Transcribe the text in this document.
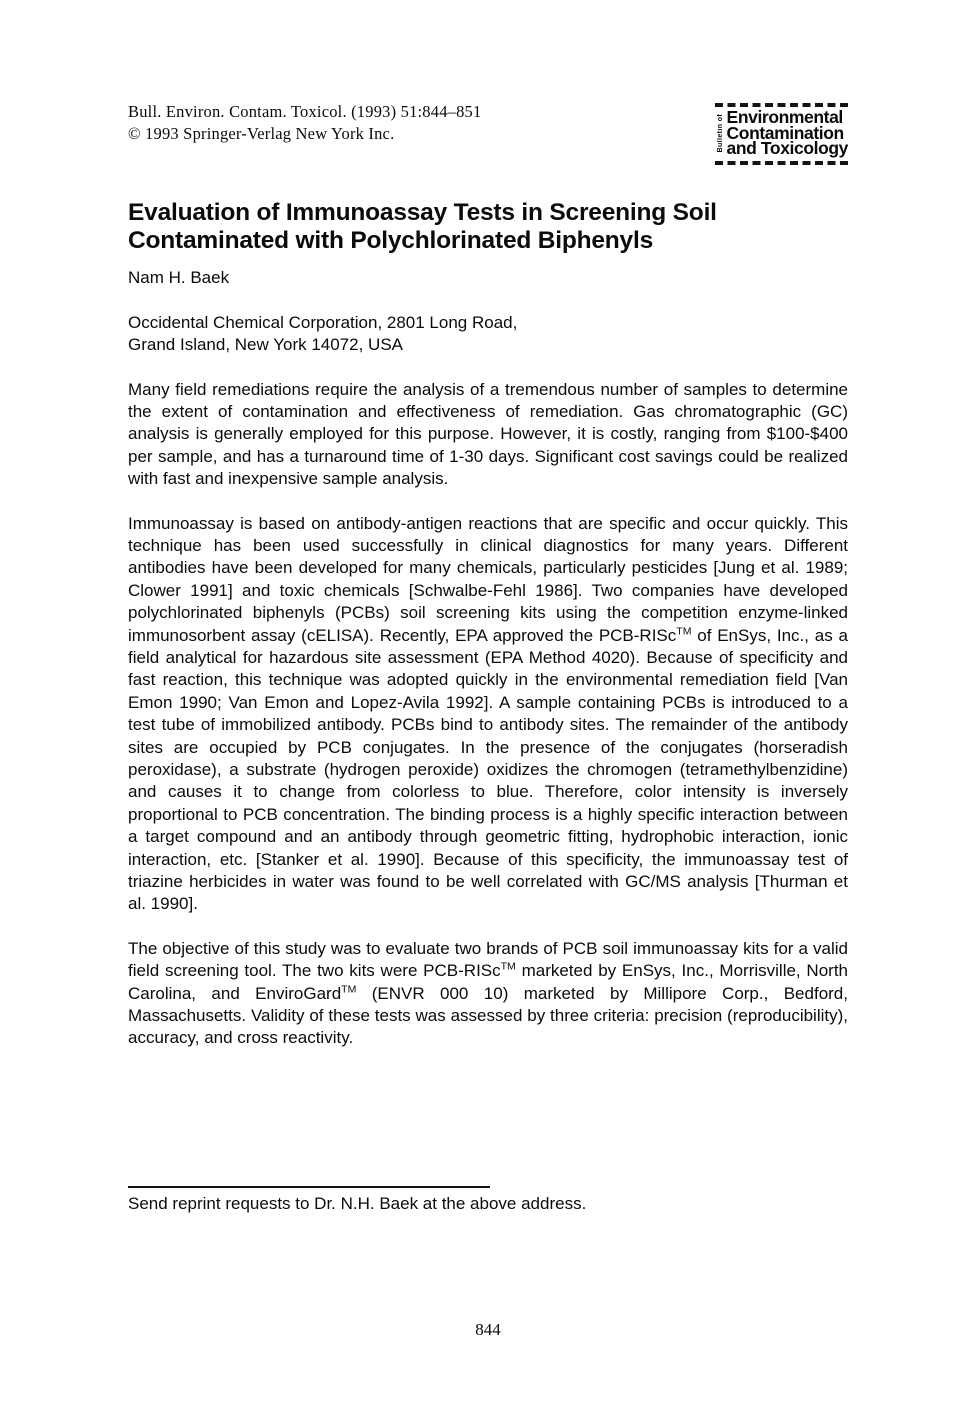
Bull. Environ. Contam. Toxicol. (1993) 51:844–851
© 1993 Springer-Verlag New York Inc.	Bulletin of Environmental
Contamination
and Toxicology
Evaluation of Immunoassay Tests in Screening Soil Contaminated with Polychlorinated Biphenyls
Nam H. Baek
Occidental Chemical Corporation, 2801 Long Road,
Grand Island, New York 14072, USA

Many field remediations require the analysis of a tremendous number of samples to determine the extent of contamination and effectiveness of remediation. Gas chromatographic (GC) analysis is generally employed for this purpose. However, it is costly, ranging from $100-$400 per sample, and has a turnaround time of 1-30 days. Significant cost savings could be realized with fast and inexpensive sample analysis.

Immunoassay is based on antibody-antigen reactions that are specific and occur quickly. This technique has been used successfully in clinical diagnostics for many years. Different antibodies have been developed for many chemicals, particularly pesticides [Jung et al. 1989; Clower 1991] and toxic chemicals [Schwalbe-Fehl 1986]. Two companies have developed polychlorinated biphenyls (PCBs) soil screening kits using the competition enzyme-linked immunosorbent assay (cELISA). Recently, EPA approved the PCB-RISc™ of EnSys, Inc., as a field analytical for hazardous site assessment (EPA Method 4020). Because of specificity and fast reaction, this technique was adopted quickly in the environmental remediation field [Van Emon 1990; Van Emon and Lopez-Avila 1992]. A sample containing PCBs is introduced to a test tube of immobilized antibody. PCBs bind to antibody sites. The remainder of the antibody sites are occupied by PCB conjugates. In the presence of the conjugates (horseradish peroxidase), a substrate (hydrogen peroxide) oxidizes the chromogen (tetramethylbenzidine) and causes it to change from colorless to blue. Therefore, color intensity is inversely proportional to PCB concentration. The binding process is a highly specific interaction between a target compound and an antibody through geometric fitting, hydrophobic interaction, ionic interaction, etc. [Stanker et al. 1990]. Because of this specificity, the immunoassay test of triazine herbicides in water was found to be well correlated with GC/MS analysis [Thurman et al. 1990].

The objective of this study was to evaluate two brands of PCB soil immunoassay kits for a valid field screening tool. The two kits were PCB-RISc™ marketed by EnSys, Inc., Morrisville, North Carolina, and EnviroGard™ (ENVR 000 10) marketed by Millipore Corp., Bedford, Massachusetts. Validity of these tests was assessed by three criteria: precision (reproducibility), accuracy, and cross reactivity.

Send reprint requests to Dr. N.H. Baek at the above address.
844
